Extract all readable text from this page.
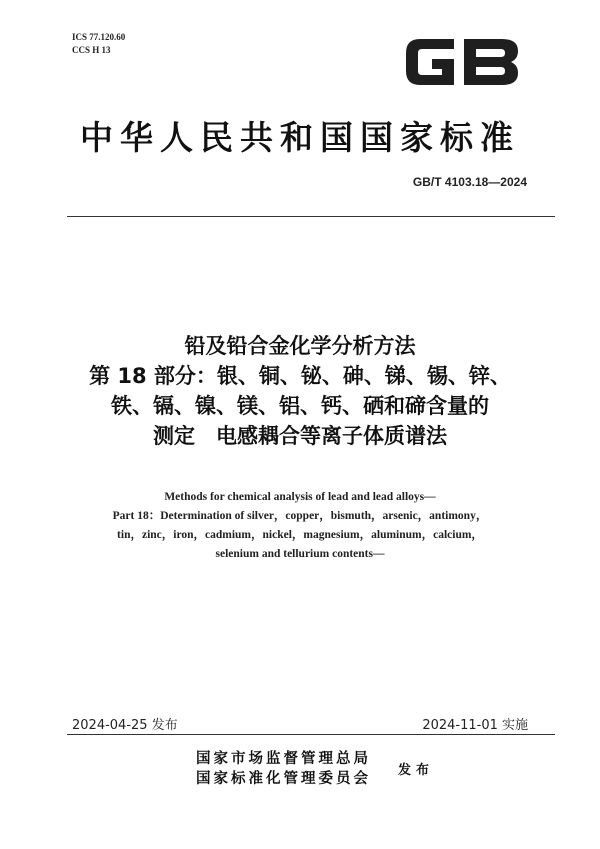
ICS 77.120.60
CCS H 13
中华人民共和国国家标准
GB/T 4103.18—2024
铅及铅合金化学分析方法
第 18 部分：银、铜、铋、砷、锑、锡、锌、
铁、镉、镍、镁、铝、钙、硒和碲含量的
测定　电感耦合等离子体质谱法
Methods for chemical analysis of lead and lead alloys—
Part 18：Determination of silver，copper，bismuth，arsenic，antimony，
tin，zinc，iron，cadmium，nickel，magnesium，aluminum，calcium，
selenium and tellurium contents—
2024-04-25 发布	2024-11-01 实施
国家市场监督管理总局
国家标准化管理委员会 发布
